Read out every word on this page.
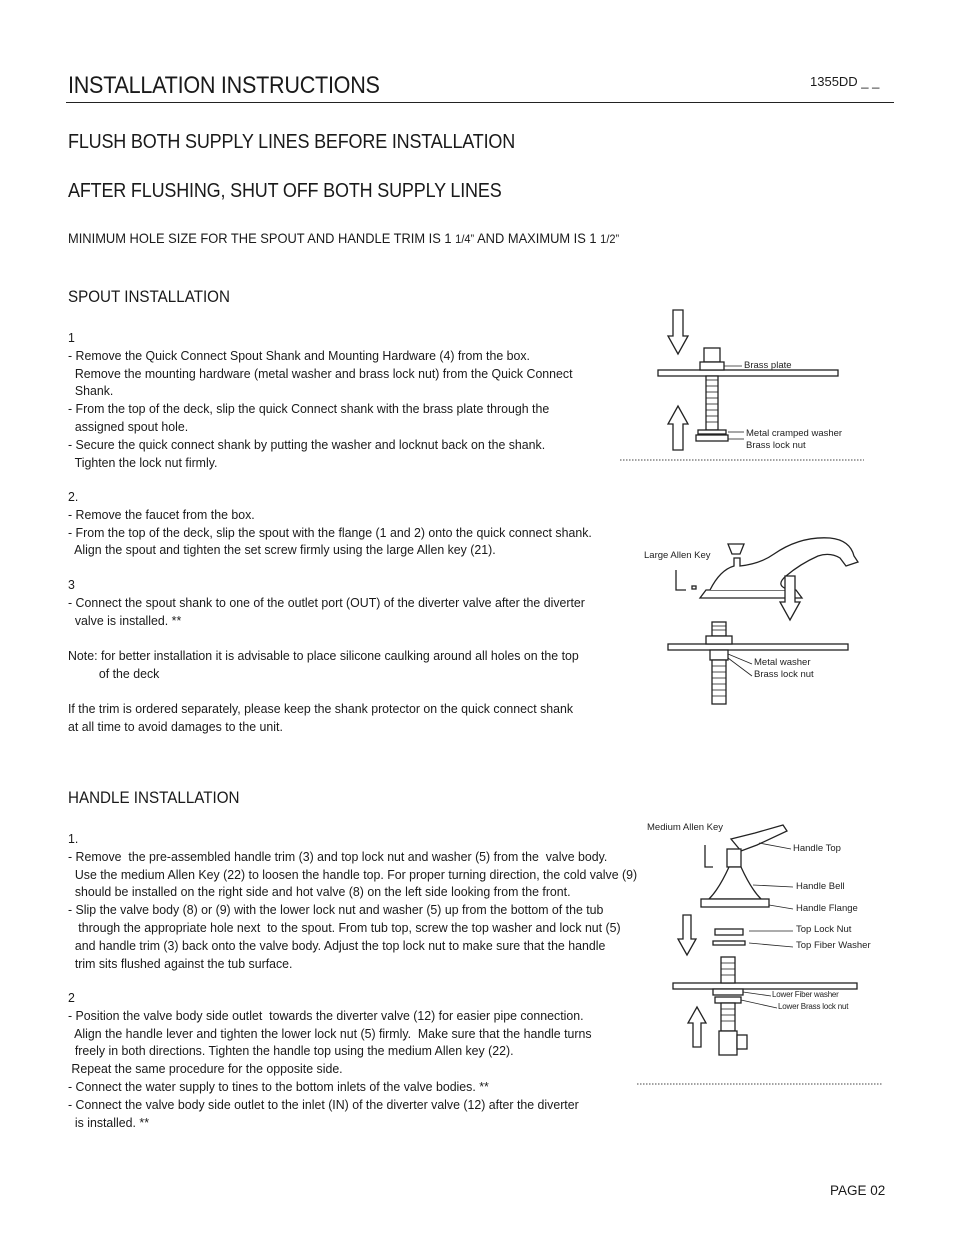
INSTALLATION INSTRUCTIONS	1355DD _ _
FLUSH BOTH SUPPLY LINES BEFORE INSTALLATION
AFTER FLUSHING, SHUT OFF BOTH SUPPLY LINES
MINIMUM HOLE SIZE FOR THE SPOUT AND HANDLE TRIM IS 1 1/4” AND MAXIMUM IS 1 1/2”
SPOUT INSTALLATION
1
- Remove the Quick Connect Spout Shank and Mounting Hardware (4) from the box.
Remove the mounting hardware (metal washer and brass lock nut) from the Quick Connect
Shank.
- From the top of the deck, slip the quick Connect shank with the brass plate through the
assigned spout hole.
- Secure the quick connect shank by putting the washer and locknut back on the shank.
Tighten the lock nut firmly.
2.
- Remove the faucet from the box.
- From the top of the deck, slip the spout with the flange (1 and 2) onto the quick connect shank.
Align the spout and tighten the set screw firmly using the large Allen key (21).
3
- Connect the spout shank to one of the outlet port (OUT) of the diverter valve after the diverter
valve is installed. **
Note: for better installation it is advisable to place silicone caulking around all holes on the top
of the deck
If the trim is ordered separately, please keep the shank protector on the quick connect shank
at all time to avoid damages to the unit.
HANDLE INSTALLATION
1.
- Remove  the pre-assembled handle trim (3) and top lock nut and washer (5) from the  valve body.
Use the medium Allen Key (22) to loosen the handle top. For proper turning direction, the cold valve (9)
should be installed on the right side and hot valve (8) on the left side looking from the front.
- Slip the valve body (8) or (9) with the lower lock nut and washer (5) up from the bottom of the tub
through the appropriate hole next  to the spout. From tub top, screw the top washer and lock nut (5)
and handle trim (3) back onto the valve body. Adjust the top lock nut to make sure that the handle
trim sits flushed against the tub surface.
2
- Position the valve body side outlet  towards the diverter valve (12) for easier pipe connection.
Align the handle lever and tighten the lower lock nut (5) firmly.  Make sure that the handle turns
freely in both directions. Tighten the handle top using the medium Allen key (22).
Repeat the same procedure for the opposite side.
- Connect the water supply to tines to the bottom inlets of the valve bodies. **
- Connect the valve body side outlet to the inlet (IN) of the diverter valve (12) after the diverter
is installed. **
Brass plate
Metal cramped washer
Brass lock nut
Large Allen Key
Metal washer
Brass lock nut
Medium Allen Key
Handle Top
Handle Bell
Handle Flange
Top Lock Nut
Top Fiber Washer
Lower Fiber washer
Lower Brass lock nut
PAGE 02
